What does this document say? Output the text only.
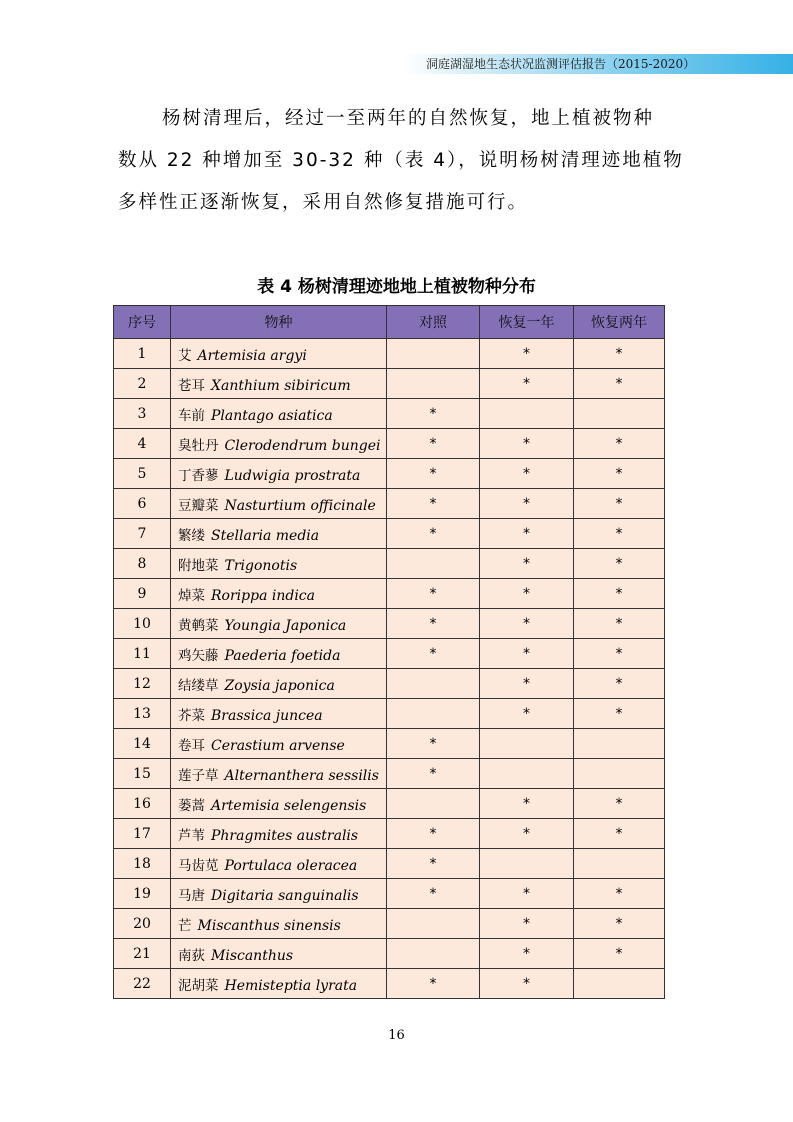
洞庭湖湿地生态状况监测评估报告（2015-2020）

杨树清理后，经过一至两年的自然恢复，地上植被物种

数从 22 种增加至 30-32 种（表 4），说明杨树清理迹地植物

多样性正逐渐恢复，采用自然修复措施可行。

表 4 杨树清理迹地地上植被物种分布
序号	物种	对照	恢复一年	恢复两年
1	艾 Artemisia argyi		*	*
2	苍耳 Xanthium sibiricum		*	*
3	车前 Plantago asiatica	*		
4	臭牡丹 Clerodendrum bungei	*	*	*
5	丁香蓼 Ludwigia prostrata	*	*	*
6	豆瓣菜 Nasturtium officinale	*	*	*
7	繁缕 Stellaria media	*	*	*
8	附地菜 Trigonotis		*	*
9	焯菜 Rorippa indica	*	*	*
10	黄鹌菜 Youngia Japonica	*	*	*
11	鸡矢藤 Paederia foetida	*	*	*
12	结缕草 Zoysia japonica		*	*
13	芥菜 Brassica juncea		*	*
14	卷耳 Cerastium arvense	*		
15	莲子草 Alternanthera sessilis	*		
16	蒌蒿 Artemisia selengensis		*	*
17	芦苇 Phragmites australis	*	*	*
18	马齿苋 Portulaca oleracea	*		
19	马唐 Digitaria sanguinalis	*	*	*
20	芒 Miscanthus sinensis		*	*
21	南荻 Miscanthus		*	*
22	泥胡菜 Hemisteptia lyrata	*	*	
16
